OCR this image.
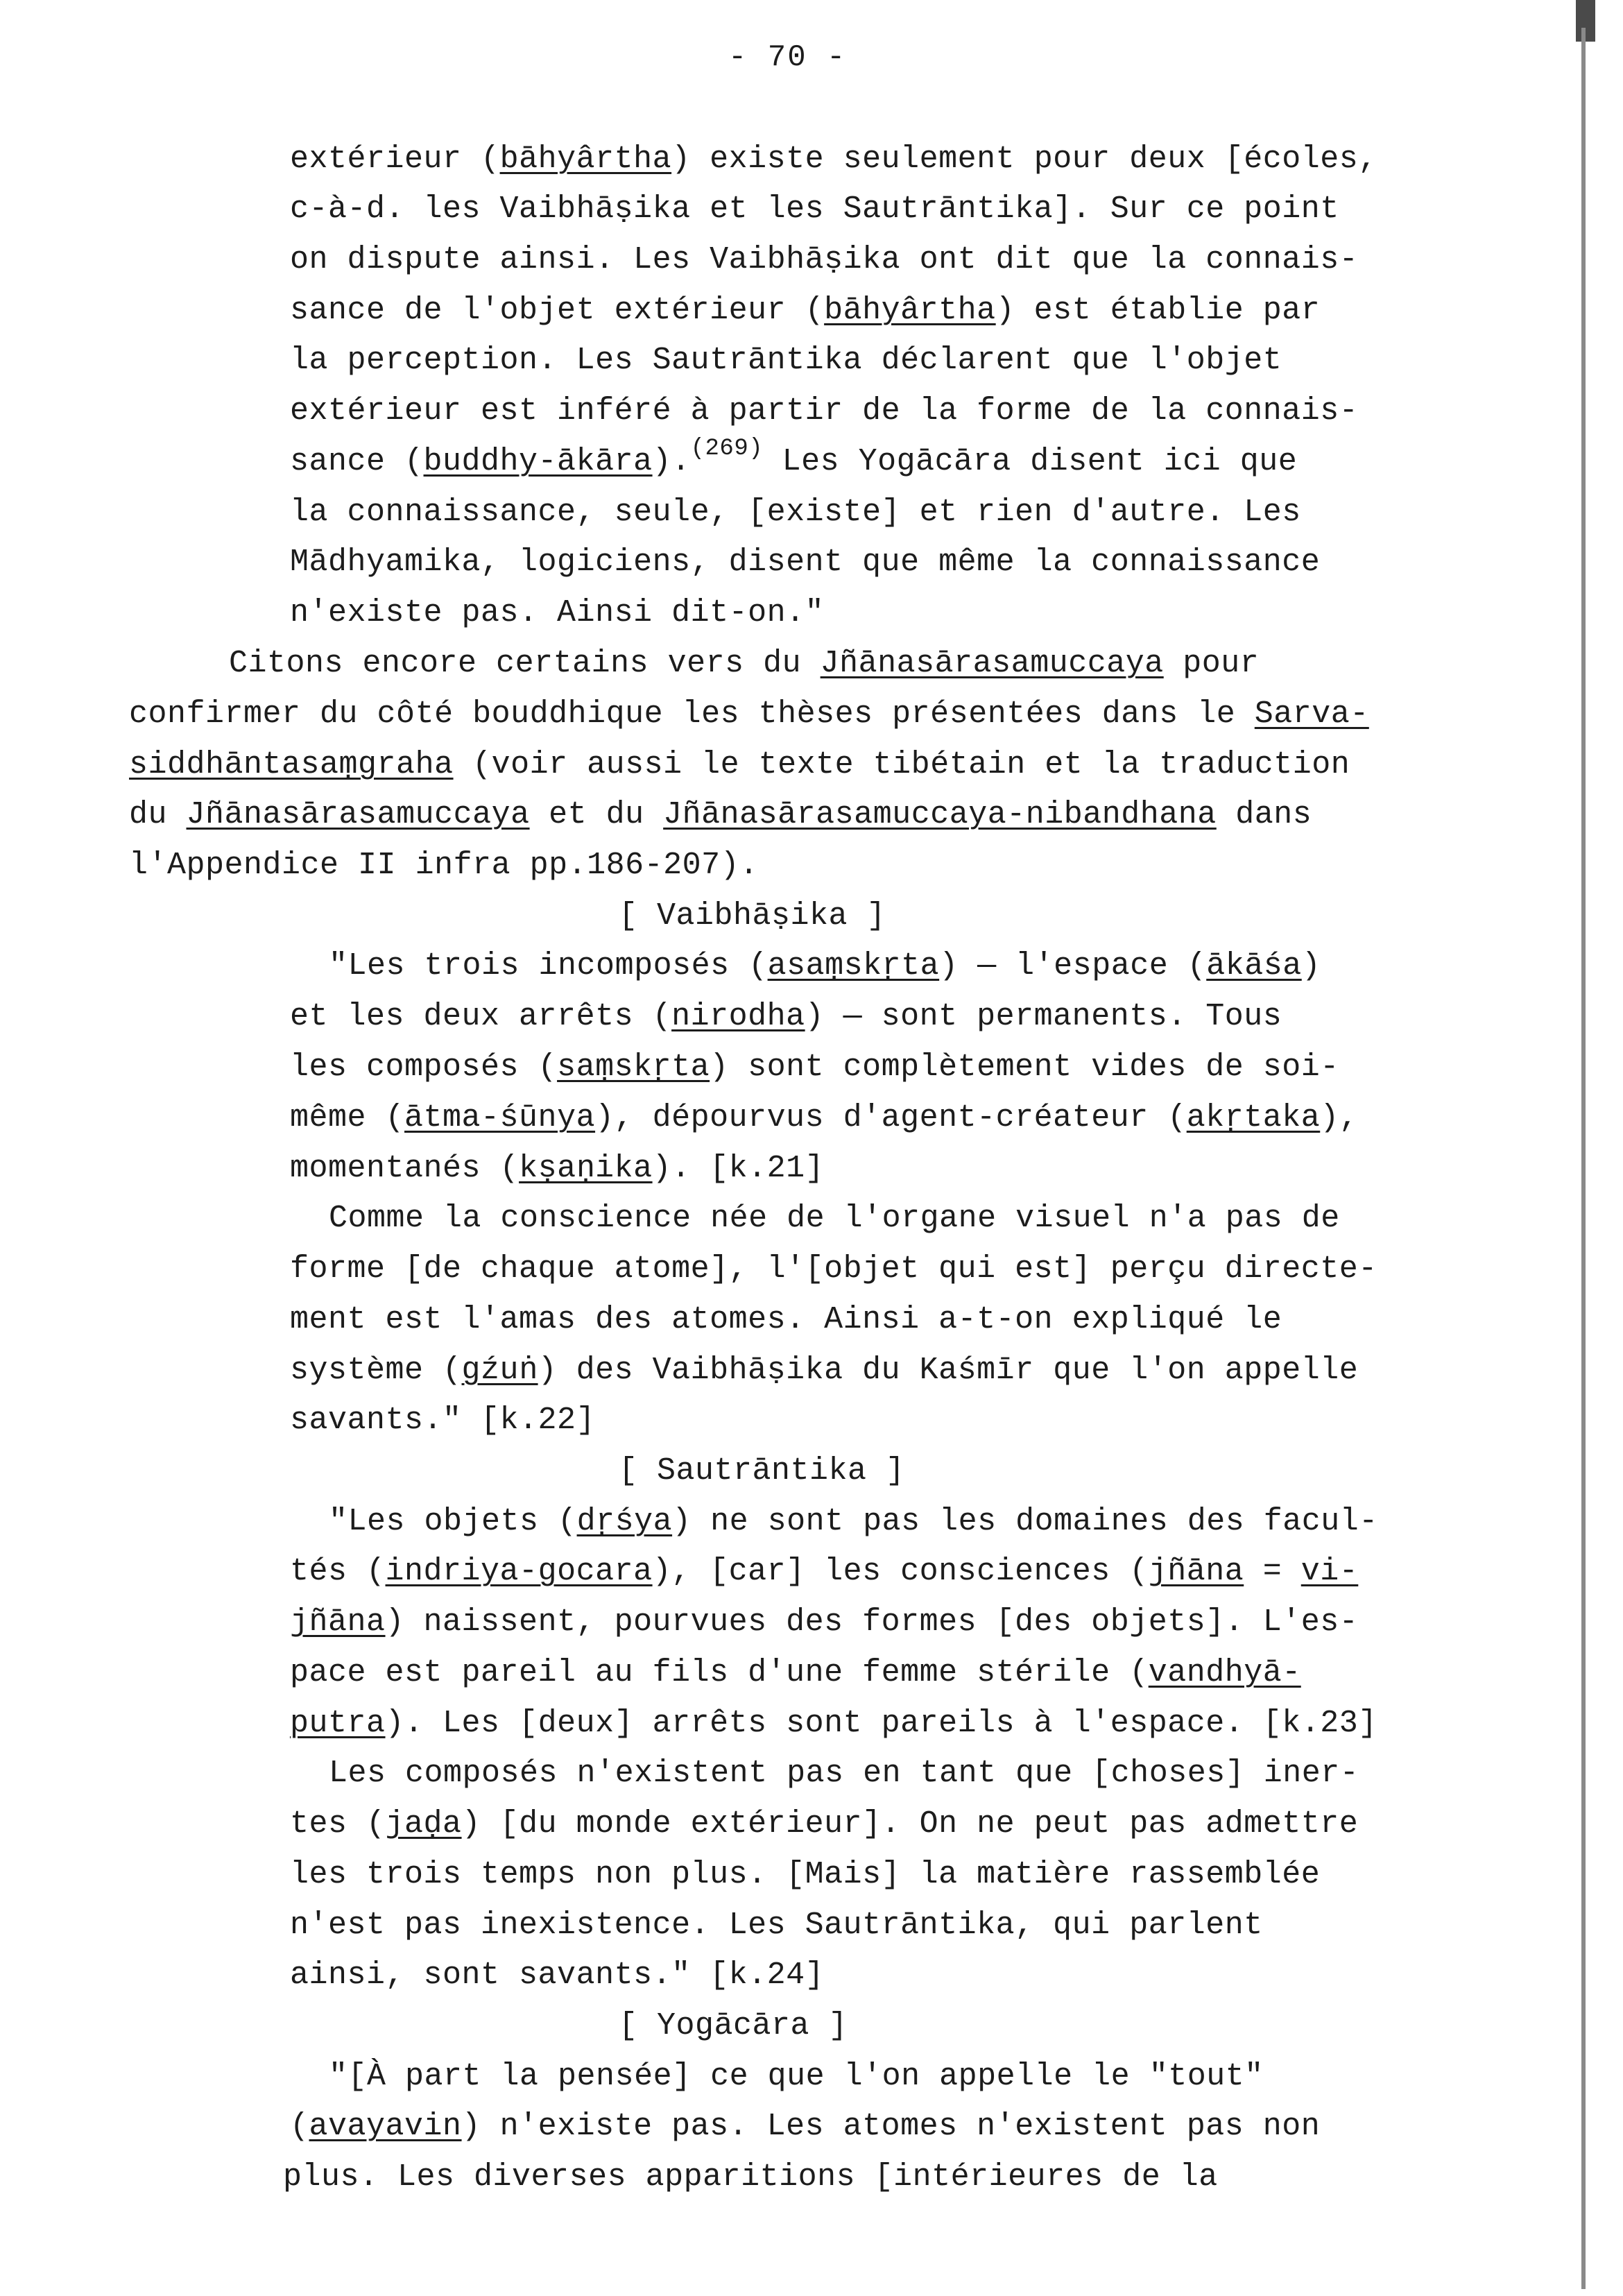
- 70 -
extérieur (bāhyârtha) existe seulement pour deux [écoles,
c-à-d. les Vaibhāṣika et les Sautrāntika]. Sur ce point
on dispute ainsi. Les Vaibhāṣika ont dit que la connais-
sance de l'objet extérieur (bāhyârtha) est établie par
la perception. Les Sautrāntika déclarent que l'objet
extérieur est inféré à partir de la forme de la connais-
sance (buddhy-ākāra).$^{(269)}$ Les Yogācāra disent ici que
la connaissance, seule, [existe] et rien d'autre. Les
Mādhyamika, logiciens, disent que même la connaissance
n'existe pas. Ainsi dit-on."
Citons encore certains vers du Jñānasārasamuccaya pour
confirmer du côté bouddhique les thèses présentées dans le Sarva-
siddhāntasaṃgraha (voir aussi le texte tibétain et la traduction
du Jñānasārasamuccaya et du Jñānasārasamuccaya-nibandhana dans
l'Appendice II infra pp.186-207).
[ Vaibhāṣika ]
"Les trois incomposés (asaṃskṛta) — l'espace (ākāśa)
et les deux arrêts (nirodha) — sont permanents. Tous
les composés (saṃskṛta) sont complètement vides de soi-
même (ātma-śūnya), dépourvus d'agent-créateur (akṛtaka),
momentanés (kṣaṇika). [k.21]
Comme la conscience née de l'organe visuel n'a pas de
forme [de chaque atome], l'[objet qui est] perçu directe-
ment est l'amas des atomes. Ainsi a-t-on expliqué le
système (gźuṅ) des Vaibhāṣika du Kaśmīr que l'on appelle
savants." [k.22]
[ Sautrāntika ]
"Les objets (dṛśya) ne sont pas les domaines des facul-
tés (indriya-gocara), [car] les consciences (jñāna = vi-
jñāna) naissent, pourvues des formes [des objets]. L'es-
pace est pareil au fils d'une femme stérile (vandhyā-
putra). Les [deux] arrêts sont pareils à l'espace. [k.23]
Les composés n'existent pas en tant que [choses] iner-
tes (jaḍa) [du monde extérieur]. On ne peut pas admettre
les trois temps non plus. [Mais] la matière rassemblée
n'est pas inexistence. Les Sautrāntika, qui parlent
ainsi, sont savants." [k.24]
[ Yogācāra ]
"[À part la pensée] ce que l'on appelle le "tout"
(avayavin) n'existe pas. Les atomes n'existent pas non
plus. Les diverses apparitions [intérieures de la
